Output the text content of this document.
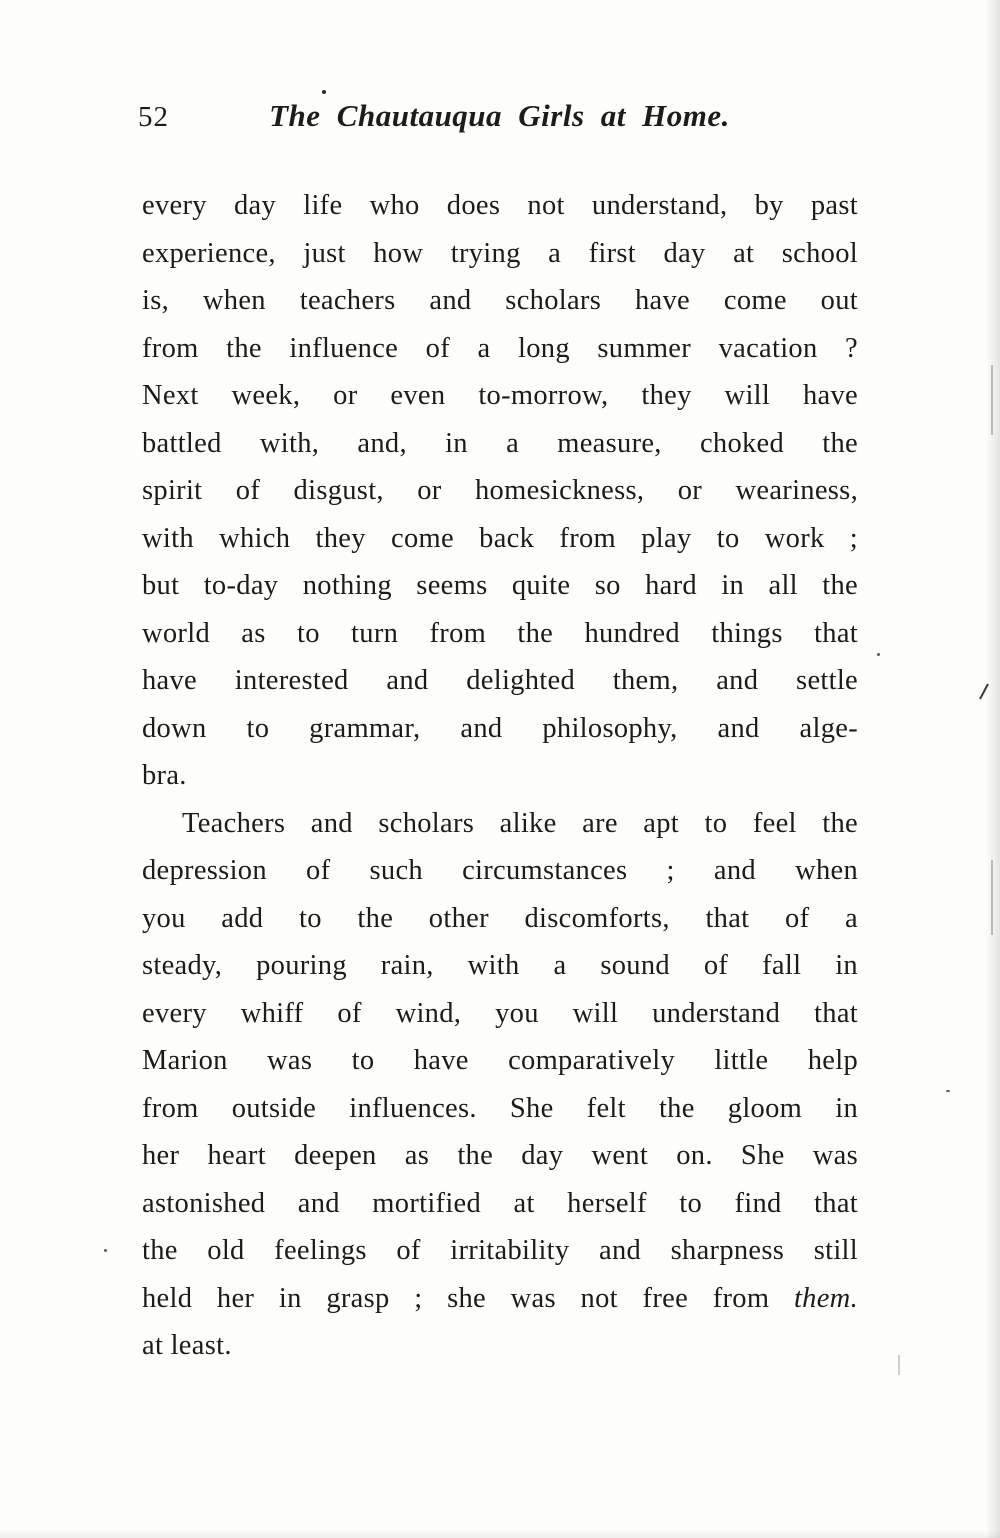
52	The Chautauqua Girls at Home.
every day life who does not understand, by past
experience, just how trying a first day at school
is, when teachers and scholars have come out
from the influence of a long summer vacation ?
Next week, or even to-morrow, they will have
battled with, and, in a measure, choked the
spirit of disgust, or homesickness, or weariness,
with which they come back from play to work ;
but to-day nothing seems quite so hard in all the
world as to turn from the hundred things that
have interested and delighted them, and settle
down to grammar, and philosophy, and alge-
bra.
Teachers and scholars alike are apt to feel the
depression of such circumstances ; and when
you add to the other discomforts, that of a
steady, pouring rain, with a sound of fall in
every whiff of wind, you will understand that
Marion was to have comparatively little help
from outside influences. She felt the gloom in
her heart deepen as the day went on. She was
astonished and mortified at herself to find that
the old feelings of irritability and sharpness still
held her in grasp ; she was not free from them.
at least.
